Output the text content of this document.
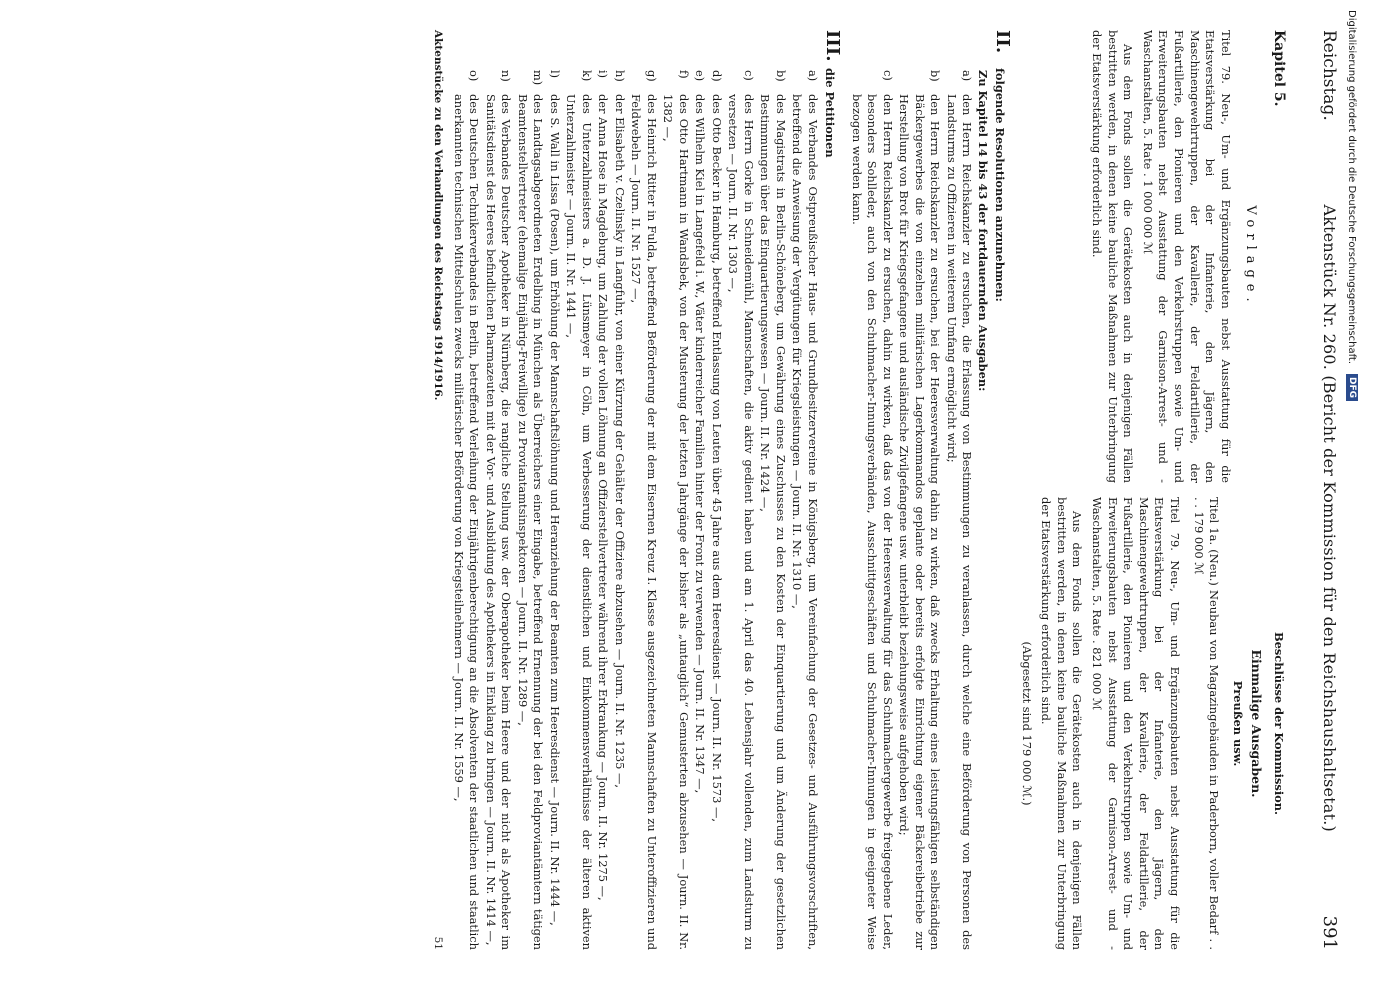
Reichstag.
Aktenstück Nr. 260. (Bericht der Kommission für den Reichshaushaltsetat.)
391
Kapitel 5.
Vorlage.
Titel 79. Neu-, Um- und Ergänzungsbauten nebst Ausstattung für die Etatsverstärkung bei der Infanterie, den Jägern, den Maschinengewehrtruppen, der Kavallerie, der Feldartillerie, der Fußartillerie, den Pionieren und den Verkehrstruppen sowie Um- und Erweiterungsbauten nebst Ausstattung der Garnison-Arrest- und -Waschanstalten, 5. Rate . 1 000 000 ℳ
Aus dem Fonds sollen die Gerätekosten auch in denjenigen Fällen bestritten werden, in denen keine bauliche Maßnahmen zur Unterbringung der Etatsverstärkung erforderlich sind.
Beschlüsse der Kommission.
Einmalige Ausgaben.
Preußen usw.
Titel 1a. (Neu.) Neubau von Magazingebäuden in Paderborn, voller Bedarf . . . . 179 000 ℳ
Titel 79. Neu-, Um- und Ergänzungsbauten nebst Ausstattung für die Etatsverstärkung bei der Infanterie, den Jägern, den Maschinengewehrtruppen, der Kavallerie, der Feldartillerie, der Fußartillerie, den Pionieren und den Verkehrstruppen sowie Um- und Erweiterungsbauten nebst Ausstattung der Garnison-Arrest- und -Waschanstalten, 5. Rate . 821 000 ℳ
Aus dem Fonds sollen die Gerätekosten auch in denjenigen Fällen bestritten werden, in denen keine bauliche Maßnahmen zur Unterbringung der Etatsverstärkung erforderlich sind.
(Abgesetzt sind 179 000 ℳ.)
II.
folgende Resolutionen anzunehmen:
Zu Kapitel 14 bis 43 der fortdauernden Ausgaben:
a)
den Herrn Reichskanzler zu ersuchen, die Erlassung von Bestimmungen zu veranlassen, durch welche eine Beförderung von Personen des Landsturms zu Offizieren in weiterem Umfang ermöglicht wird;
b)
den Herrn Reichskanzler zu ersuchen, bei der Heeresverwaltung dahin zu wirken, daß zwecks Erhaltung eines leistungsfähigen selbständigen Bäckergewerbes die von einzelnen militärischen Lagerkommandos geplante oder bereits erfolgte Einrichtung eigener Bäckereibetriebe zur Herstellung von Brot für Kriegsgefangene und ausländische Zivilgefangene usw. unterbleibt beziehungsweise aufgehoben wird;
c)
den Herrn Reichskanzler zu ersuchen, dahin zu wirken, daß das von der Heeresverwaltung für das Schuhmachergewerbe freigegebene Leder, besonders Sohlleder, auch von den Schuhmacher-Innungsverbänden, Ausschnittgeschäften und Schuhmacher-Innungen in geeigneter Weise bezogen werden kann.
III.
die Petitionen
a)
des Verbandes Ostpreußischer Haus- und Grundbesitzervereine in Königsberg, um Vereinfachung der Gesetzes- und Ausführungsvorschriften, betreffend die Anweisung der Vergütungen für Kriegsleistungen — Journ. II. Nr. 1310 —,
b)
des Magistrats in Berlin-Schöneberg, um Gewährung eines Zuschusses zu den Kosten der Einquartierung und um Änderung der gesetzlichen Bestimmungen über das Einquartierungswesen — Journ. II. Nr. 1424 —,
c)
des Herrn Gorke in Schneidemühl, Mannschaften, die aktiv gedient haben und am 1. April das 40. Lebensjahr vollenden, zum Landsturm zu versetzen — Journ. II. Nr. 1303 —,
d)
des Otto Becker in Hamburg, betreffend Entlassung von Leuten über 45 Jahre aus dem Heeresdienst — Journ. II. Nr. 1573 —,
e)
des Wilhelm Kiel in Langefeld i. W., Väter kinderreicher Familien hinter der Front zu verwenden — Journ. II. Nr. 1347 —,
f)
des Otto Hartmann in Wandsbek, von der Musterung der letzten Jahrgänge der bisher als „untauglich“ Gemusterten abzusehen — Journ. II. Nr. 1382 —,
g)
des Heinrich Ritter in Fulda, betreffend Beförderung der mit dem Eisernen Kreuz I. Klasse ausgezeichneten Mannschaften zu Unteroffizieren und Feldwebeln — Journ. II. Nr. 1527 —,
h)
der Elisabeth v. Czelinsky in Langfuhr, von einer Kürzung der Gehälter der Offiziere abzusehen — Journ. II. Nr. 1235 —,
i)
der Anna Hose in Magdeburg, um Zahlung der vollen Löhnung an Offizierstellvertreter während ihrer Erkrankung — Journ. II. Nr. 1275 —,
k)
des Unterzahlmeisters a. D. J. Lünsmeyer in Cöln, um Verbesserung der dienstlichen und Einkommensverhältnisse der älteren aktiven Unterzahlmeister — Journ. II. Nr. 1441 —,
l)
des S. Wall in Lissa (Posen), um Erhöhung der Mannschaftslöhnung und Heranziehung der Beamten zum Heeresdienst — Journ. II. Nr. 1444 —,
m)
des Landtagsabgeordneten Erdelbing in München als Überreichers einer Eingabe, betreffend Ernennung der bei den Feldproviantämtern tätigen Beamtenstellvertreter (ehemalige Einjährig-Freiwillige) zu Proviantamtsinspektoren — Journ. II. Nr. 1289 —,
n)
des Verbandes Deutscher Apotheker in Nürnberg, die rangliche Stellung usw. der Oberapotheker beim Heere und der nicht als Apotheker im Sanitätsdienst des Heeres befindlichen Pharmazeuten mit der Vor- und Ausbildung des Apothekers in Einklang zu bringen — Journ. II. Nr. 1414 —,
o)
des Deutschen Technikerverbandes in Berlin, betreffend Verleihung der Einjährigenberechtigung an die Absolventen der staatlichen und staatlich anerkannten technischen Mittelschulen zwecks militärischer Beförderung von Kriegsteilnehmern — Journ. II. Nr. 1559 —,
Aktenstücke zu den Verhandlungen des Reichstags 1914/1916.
51
Digitalisierung gefördert durch die Deutsche Forschungsgemeinschaft.
DFG
